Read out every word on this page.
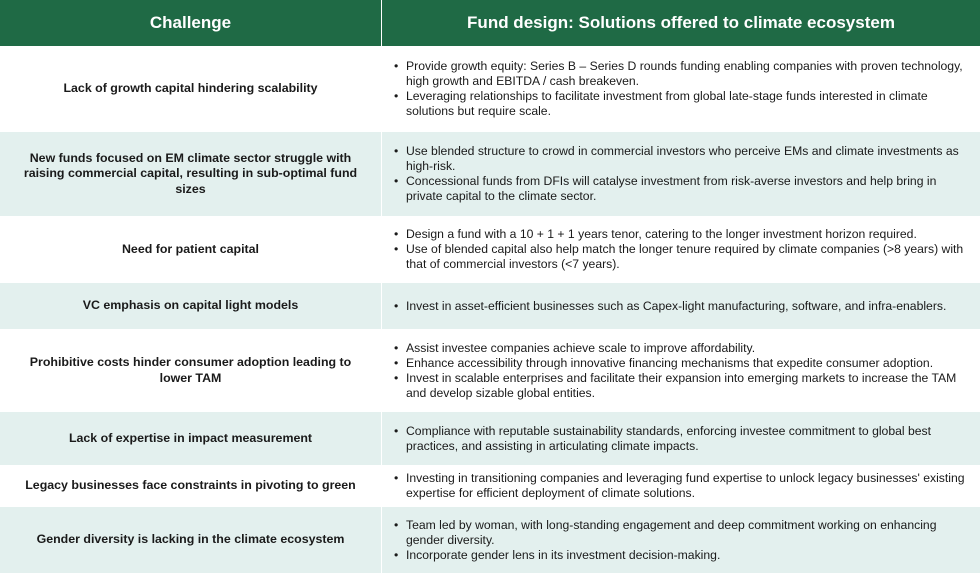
Challenge	Fund design: Solutions offered to climate ecosystem
Lack of growth capital hindering scalability
• Provide growth equity: Series B – Series D rounds funding enabling companies with proven technology, high growth and EBITDA / cash breakeven.
• Leveraging relationships to facilitate investment from global late-stage funds interested in climate solutions but require scale.
New funds focused on EM climate sector struggle with raising commercial capital, resulting in sub-optimal fund sizes
• Use blended structure to crowd in commercial investors who perceive EMs and climate investments as high-risk.
• Concessional funds from DFIs will catalyse investment from risk-averse investors and help bring in private capital to the climate sector.
Need for patient capital
• Design a fund with a 10 + 1 + 1 years tenor, catering to the longer investment horizon required.
• Use of blended capital also help match the longer tenure required by climate companies (>8 years) with that of commercial investors (<7 years).
VC emphasis on capital light models
•	Invest in asset-efficient businesses such as Capex-light manufacturing, software, and infra-enablers.
Prohibitive costs hinder consumer adoption leading to lower TAM
• Assist investee companies achieve scale to improve affordability.
• Enhance accessibility through innovative financing mechanisms that expedite consumer adoption.
• Invest in scalable enterprises and facilitate their expansion into emerging markets to increase the TAM and develop sizable global entities.
Lack of expertise in impact measurement
• Compliance with reputable sustainability standards, enforcing investee commitment to global best practices, and assisting in articulating climate impacts.
Legacy businesses face constraints in pivoting to green
• Investing in transitioning companies and leveraging fund expertise to unlock legacy businesses' existing expertise for efficient deployment of climate solutions.
Gender diversity is lacking in the climate ecosystem
• Team led by woman, with long-standing engagement and deep commitment working on enhancing gender diversity.
• Incorporate gender lens in its investment decision-making.
